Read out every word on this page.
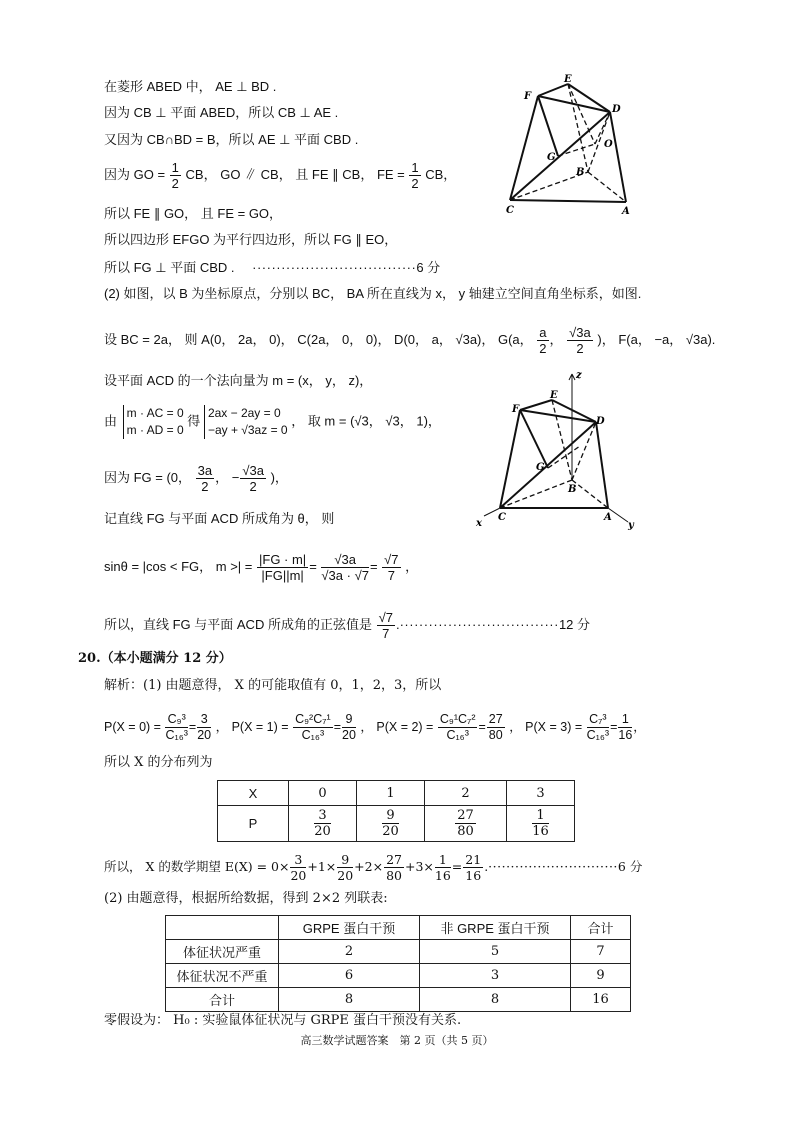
在菱形 ABED 中， AE ⊥ BD .
因为 CB ⊥ 平面 ABED，所以 CB ⊥ AE .
又因为 CB∩BD = B，所以 AE ⊥ 平面 CBD .
因为 GO = $\frac{1}{2}$ CB， GO ∥ CB， 且 FE ∥ CB， FE = $\frac{1}{2}$ CB，
所以 FE ∥ GO， 且 FE = GO，
所以四边形 EFGO 为平行四边形，所以 FG ∥ EO，
所以 FG ⊥ 平面 CBD . ··································6 分
E
F
D
O
G
B
C	A
(2) 如图，以 B 为坐标原点，分别以 BC， BA 所在直线为 x， y 轴建立空间直角坐标系，如图.
设 BC = 2a， 则 A(0， 2a， 0)， C(2a， 0， 0)， D(0， a， √3a)， G(a， $\frac{a}{2}$ ， $\frac{√3a}{2}$ )， F(a， −a， √3a).
设平面 ACD 的一个法向量为 m = (x， y， z)，
由
m · AC = 0
m · AD = 0
得
2ax − 2ay = 0
−ay + √3az = 0
， 取 m = (√3， √3， 1)，
因为 FG = (0， $\frac{3a}{2}$ ， − $\frac{√3a}{2}$ )，
记直线 FG 与平面 ACD 所成角为 θ， 则
sinθ = |cos < FG， m >| = $\frac{|FG \cdot m|}{|FG||m|} = \frac{√3a}{√3a \cdot √7} = \frac{√7}{7}$ ，
所以，直线 FG 与平面 ACD 所成角的正弦值是 $\frac{√7}{7} .\cdot\cdot\cdot\cdot\cdot\cdot\cdot\cdot\cdot\cdot\cdot\cdot\cdot\cdot\cdot\cdot\cdot\cdot\cdot\cdot\cdot\cdot\cdot\cdot\cdot\cdot\cdot\cdot\cdot\cdot\cdot\cdot\cdot 12$ 分
z
E
F
D
G
B
x
C	A
y
20.（本小题满分 12 分）
解析：(1) 由题意得， X 的可能取值有 0，1，2，3，所以
$P(X = 0) = \frac{\text{C₉³}}{\text{C₁₆³}} = \frac{3}{20}$ ， $P(X = 1) = \frac{\text{C₉²C₇¹}}{\text{C₁₆³}} = \frac{9}{20}$ ， $P(X = 2) = \frac{\text{C₉¹C₇²}}{\text{C₁₆³}} = \frac{27}{80}$ ， $P(X = 3) = \frac{\text{C₇³}}{\text{C₁₆³}} = \frac{1}{16}$ ，
所以 X 的分布列为
X	0	1	2	3
P	$\frac{3}{20}$	$\frac{9}{20}$	$\frac{27}{80}$	$\frac{1}{16}$
所以， X 的数学期望 $E(X) = 0\times \frac{3}{20} +1\times \frac{9}{20} +2\times \frac{27}{80} +3\times \frac{1}{16} = \frac{21}{16} .\cdot\cdot\cdot\cdot\cdot\cdot\cdot\cdot\cdot\cdot\cdot\cdot\cdot\cdot\cdot\cdot\cdot\cdot\cdot\cdot\cdot\cdot\cdot\cdot\cdot\cdot\cdot\cdot\cdot 6$ 分
(2) 由题意得，根据所给数据，得到 2×2 列联表:
	GRPE 蛋白干预	非 GRPE 蛋白干预	合计
体征状况严重	2	5	7
体征状况不严重	6	3	9
合计	8	8	16
零假设为： H₀ : 实验鼠体征状况与 GRPE 蛋白干预没有关系.
高三数学试题答案　第 2 页（共 5 页）
